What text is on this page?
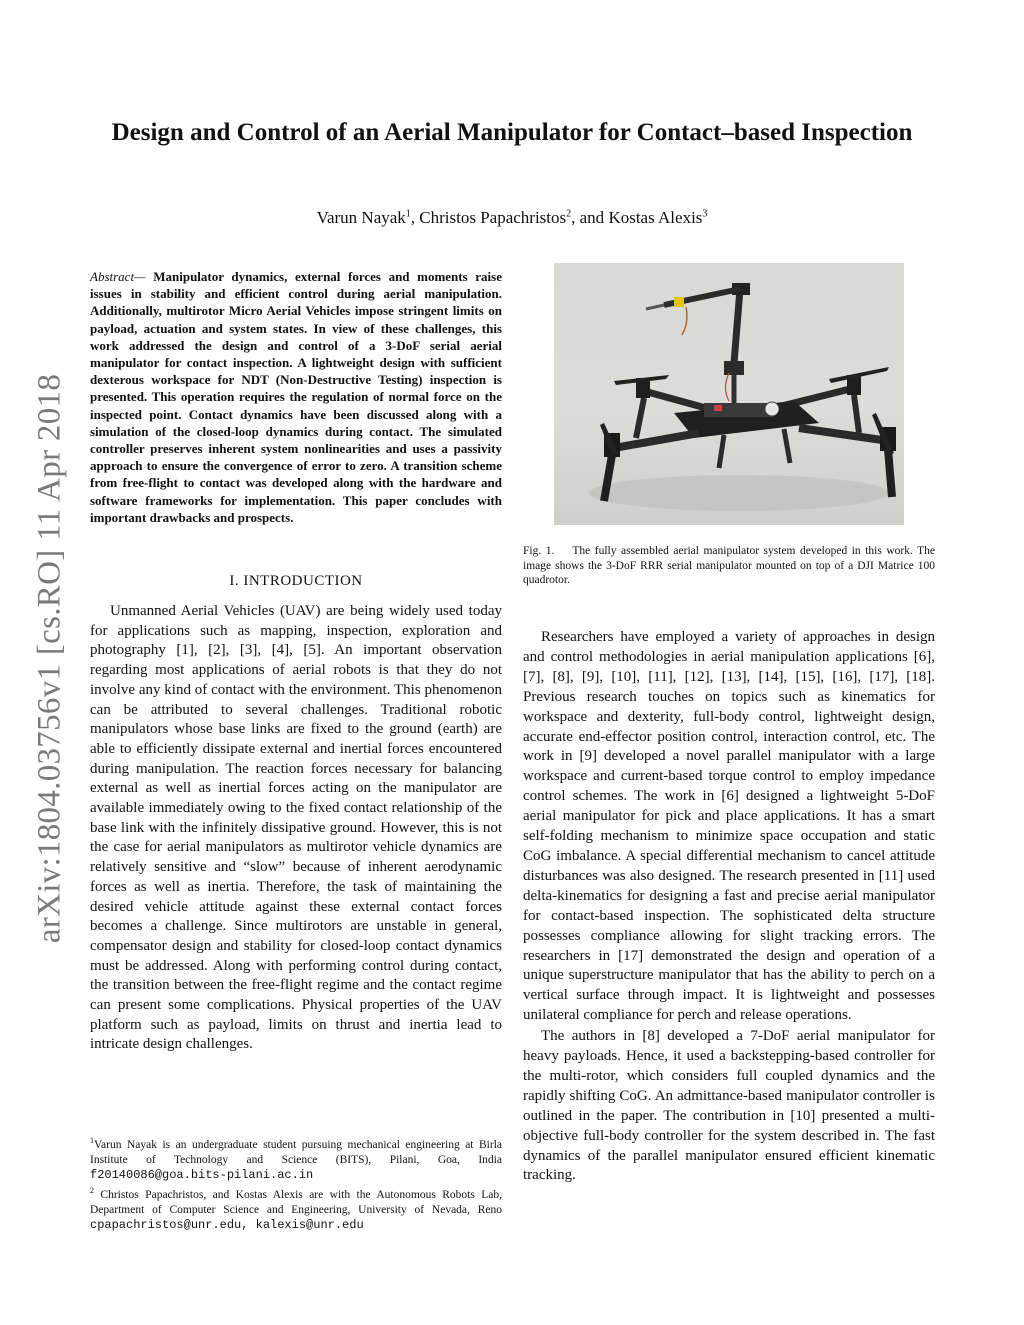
arXiv:1804.03756v1 [cs.RO] 11 Apr 2018
Design and Control of an Aerial Manipulator for Contact–based Inspection
Varun Nayak$^1$, Christos Papachristos$^2$, and Kostas Alexis$^3$

Abstract— Manipulator dynamics, external forces and moments raise issues in stability and efficient control during aerial manipulation. Additionally, multirotor Micro Aerial Vehicles impose stringent limits on payload, actuation and system states. In view of these challenges, this work addressed the design and control of a 3-DoF serial aerial manipulator for contact inspection. A lightweight design with sufficient dexterous workspace for NDT (Non-Destructive Testing) inspection is presented. This operation requires the regulation of normal force on the inspected point. Contact dynamics have been discussed along with a simulation of the closed-loop dynamics during contact. The simulated controller preserves inherent system nonlinearities and uses a passivity approach to ensure the convergence of error to zero. A transition scheme from free-flight to contact was developed along with the hardware and software frameworks for implementation. This paper concludes with important drawbacks and prospects.

I. INTRODUCTION

Unmanned Aerial Vehicles (UAV) are being widely used today for applications such as mapping, inspection, exploration and photography [1], [2], [3], [4], [5]. An important observation regarding most applications of aerial robots is that they do not involve any kind of contact with the environment. This phenomenon can be attributed to several challenges. Traditional robotic manipulators whose base links are fixed to the ground (earth) are able to efficiently dissipate external and inertial forces encountered during manipulation. The reaction forces necessary for balancing external as well as inertial forces acting on the manipulator are available immediately owing to the fixed contact relationship of the base link with the infinitely dissipative ground. However, this is not the case for aerial manipulators as multirotor vehicle dynamics are relatively sensitive and “slow” because of inherent aerodynamic forces as well as inertia. Therefore, the task of maintaining the desired vehicle attitude against these external contact forces becomes a challenge. Since multirotors are unstable in general, compensator design and stability for closed-loop contact dynamics must be addressed. Along with performing control during contact, the transition between the free-flight regime and the contact regime can present some complications. Physical properties of the UAV platform such as payload, limits on thrust and inertia lead to intricate design challenges.

$^1$Varun Nayak is an undergraduate student pursuing mechanical engineering at Birla Institute of Technology and Science (BITS), Pilani, Goa, India f20140086@goa.bits-pilani.ac.in

$^2$ Christos Papachristos, and Kostas Alexis are with the Autonomous Robots Lab, Department of Computer Science and Engineering, University of Nevada, Reno cpapachristos@unr.edu, kalexis@unr.edu

Fig. 1. The fully assembled aerial manipulator system developed in this work. The image shows the 3-DoF RRR serial manipulator mounted on top of a DJI Matrice 100 quadrotor.

Researchers have employed a variety of approaches in design and control methodologies in aerial manipulation applications [6], [7], [8], [9], [10], [11], [12], [13], [14], [15], [16], [17], [18]. Previous research touches on topics such as kinematics for workspace and dexterity, full-body control, lightweight design, accurate end-effector position control, interaction control, etc. The work in [9] developed a novel parallel manipulator with a large workspace and current-based torque control to employ impedance control schemes. The work in [6] designed a lightweight 5-DoF aerial manipulator for pick and place applications. It has a smart self-folding mechanism to minimize space occupation and static CoG imbalance. A special differential mechanism to cancel attitude disturbances was also designed. The research presented in [11] used delta-kinematics for designing a fast and precise aerial manipulator for contact-based inspection. The sophisticated delta structure possesses compliance allowing for slight tracking errors. The researchers in [17] demonstrated the design and operation of a unique superstructure manipulator that has the ability to perch on a vertical surface through impact. It is lightweight and possesses unilateral compliance for perch and release operations.

The authors in [8] developed a 7-DoF aerial manipulator for heavy payloads. Hence, it used a backstepping-based controller for the multi-rotor, which considers full coupled dynamics and the rapidly shifting CoG. An admittance-based manipulator controller is outlined in the paper. The contribution in [10] presented a multi-objective full-body controller for the system described in. The fast dynamics of the parallel manipulator ensured efficient kinematic tracking.
